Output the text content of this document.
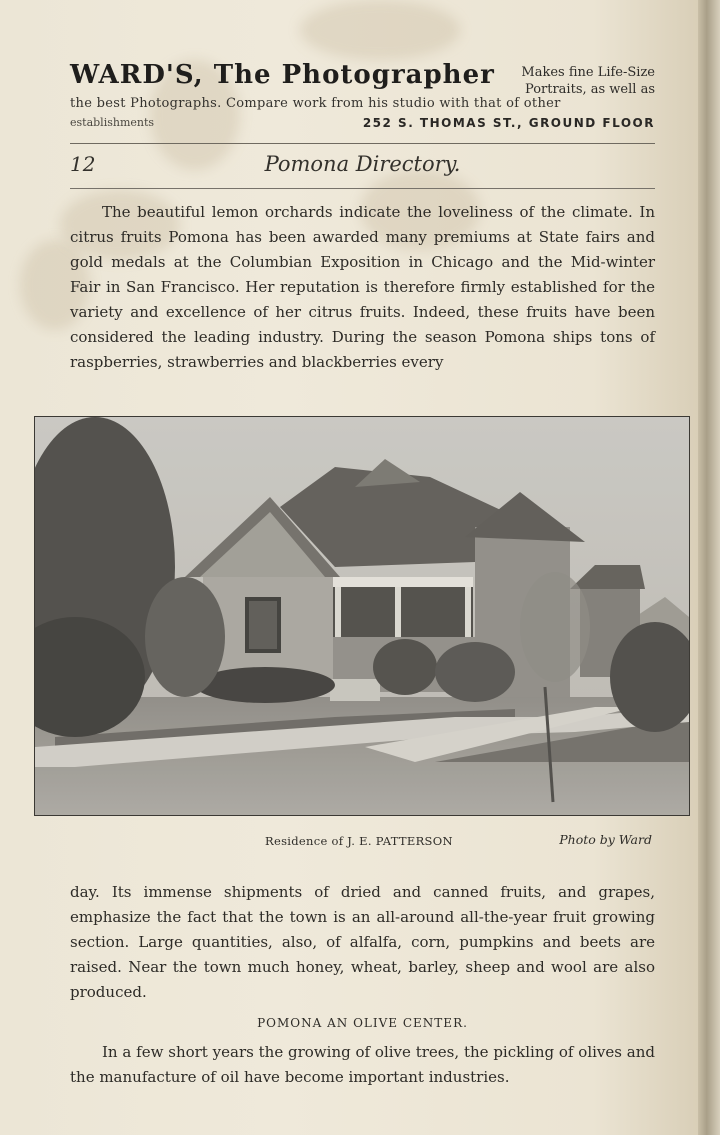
WARD'S, The Photographer	Makes fine Life-Size Portraits, as well as
the best Photographs. Compare work from his studio with that of other
establishments	252 S. THOMAS ST., GROUND FLOOR
Pomona Directory.
12

The beautiful lemon orchards indicate the loveliness of the climate. In citrus fruits Pomona has been awarded many premiums at State fairs and gold medals at the Columbian Exposition in Chicago and the Mid-winter Fair in San Francisco. Her reputation is therefore firmly established for the variety and excellence of her citrus fruits. Indeed, these fruits have been considered the leading industry. During the season Pomona ships tons of raspberries, strawberries and blackberries every

Residence of J. E. PATTERSON	Photo by Ward

day. Its immense shipments of dried and canned fruits, and grapes, emphasize the fact that the town is an all-around all-the-year fruit growing section. Large quantities, also, of alfalfa, corn, pumpkins and beets are raised. Near the town much honey, wheat, barley, sheep and wool are also produced.

POMONA AN OLIVE CENTER.

In a few short years the growing of olive trees, the pickling of olives and the manufacture of oil have become important industries.
